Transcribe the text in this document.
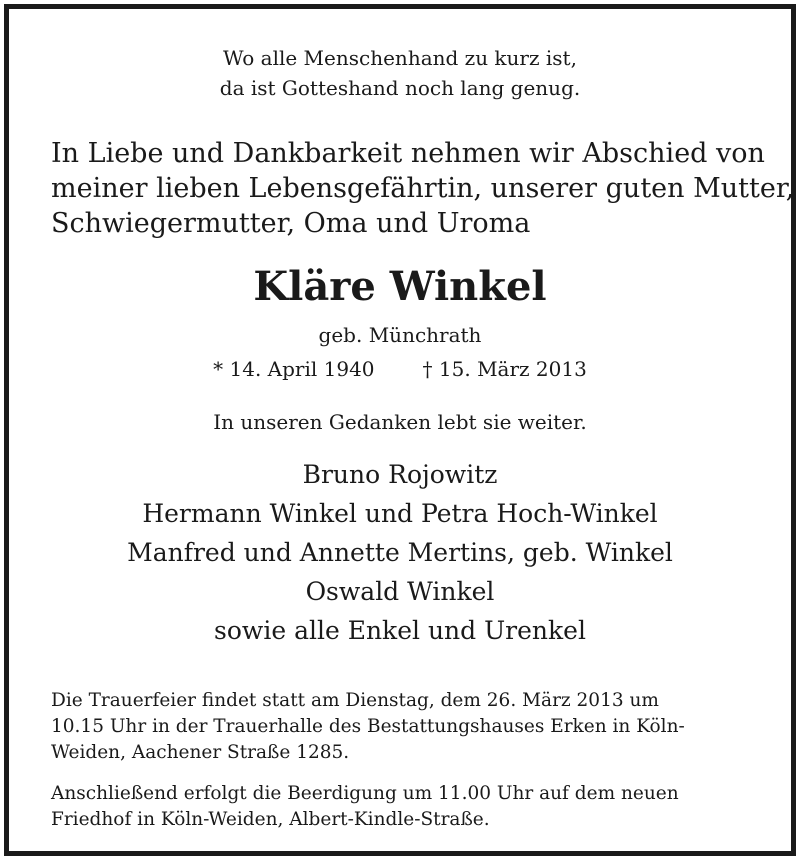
Wo alle Menschenhand zu kurz ist,
da ist Gotteshand noch lang genug.
In Liebe und Dankbarkeit nehmen wir Abschied von
meiner lieben Lebensgefährtin, unserer guten Mutter,
Schwiegermutter, Oma und Uroma
Kläre Winkel
geb. Münchrath
* 14. April 1940 † 15. März 2013
In unseren Gedanken lebt sie weiter.
Bruno Rojowitz
Hermann Winkel und Petra Hoch-Winkel
Manfred und Annette Mertins, geb. Winkel
Oswald Winkel
sowie alle Enkel und Urenkel
Die Trauerfeier findet statt am Dienstag, dem 26. März 2013 um
10.15 Uhr in der Trauerhalle des Bestattungshauses Erken in Köln-
Weiden, Aachener Straße 1285.
Anschließend erfolgt die Beerdigung um 11.00 Uhr auf dem neuen
Friedhof in Köln-Weiden, Albert-Kindle-Straße.
